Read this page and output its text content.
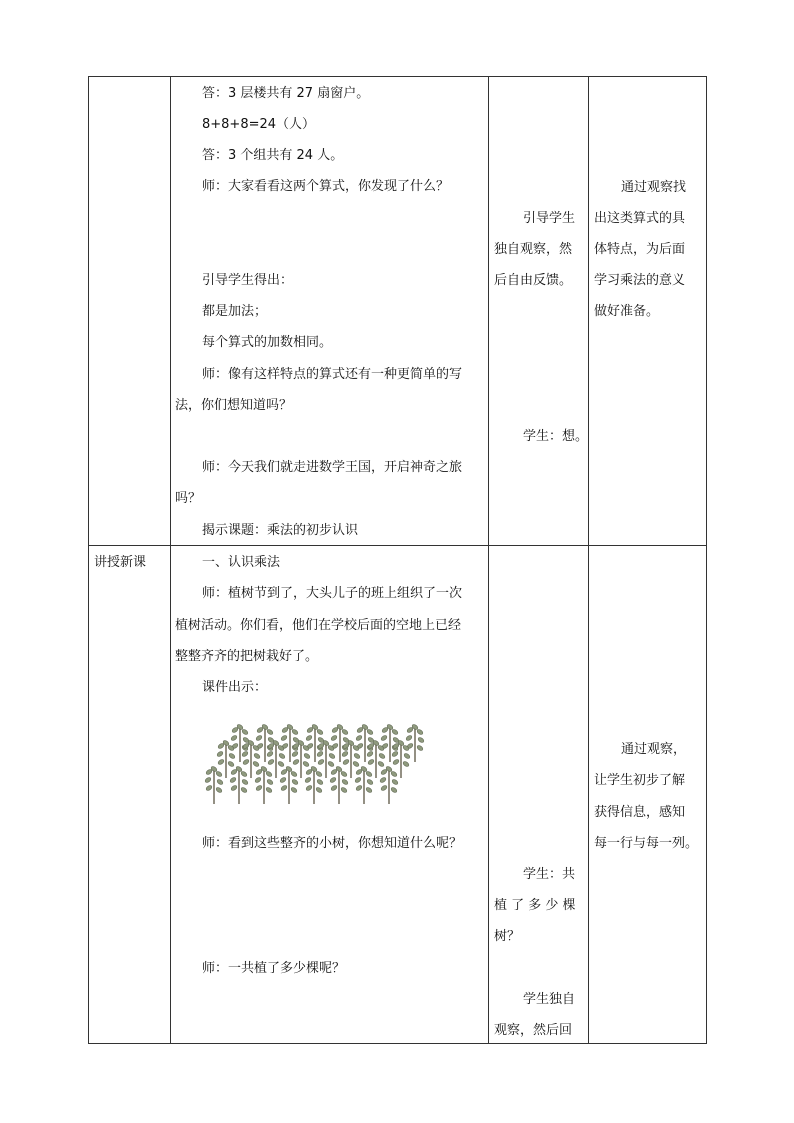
答：3 层楼共有 27 扇窗户。
8+8+8=24（人）
答：3 个组共有 24 人。
师：大家看看这两个算式，你发现了什么？
引导学生得出：
都是加法；
每个算式的加数相同。
师：像有这样特点的算式还有一种更简单的写
法，你们想知道吗？
师：今天我们就走进数学王国，开启神奇之旅
吗？
揭示课题：乘法的初步认识
引导学生
独自观察，然
后自由反馈。
学生：想。
通过观察找
出这类算式的具
体特点，为后面
学习乘法的意义
做好准备。
讲授新课	一、认识乘法
师：植树节到了，大头儿子的班上组织了一次
植树活动。你们看，他们在学校后面的空地上已经
整整齐齐的把树栽好了。
课件出示：
师：看到这些整齐的小树，你想知道什么呢？
师：一共植了多少棵呢？
学生：共
植 了 多 少 棵
树？
学生独自
观察，然后回
通过观察，
让学生初步了解
获得信息，感知
每一行与每一列。
